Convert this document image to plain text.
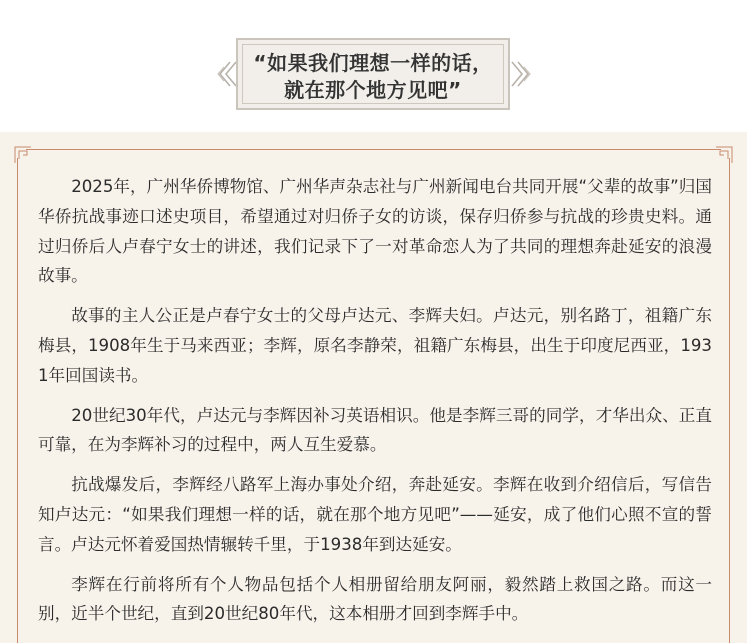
“如果我们理想一样的话，
就在那个地方见吧”

2025年，广州华侨博物馆、广州华声杂志社与广州新闻电台共同开展“父辈的故事”归国华侨抗战事迹口述史项目，希望通过对归侨子女的访谈，保存归侨参与抗战的珍贵史料。通过归侨后人卢春宁女士的讲述，我们记录下了一对革命恋人为了共同的理想奔赴延安的浪漫故事。

故事的主人公正是卢春宁女士的父母卢达元、李辉夫妇。卢达元，别名路丁，祖籍广东梅县，1908年生于马来西亚；李辉，原名李静荣，祖籍广东梅县，出生于印度尼西亚，1931年回国读书。

20世纪30年代，卢达元与李辉因补习英语相识。他是李辉三哥的同学，才华出众、正直可靠，在为李辉补习的过程中，两人互生爱慕。

抗战爆发后，李辉经八路军上海办事处介绍，奔赴延安。李辉在收到介绍信后，写信告知卢达元：“如果我们理想一样的话，就在那个地方见吧”——延安，成了他们心照不宣的誓言。卢达元怀着爱国热情辗转千里，于1938年到达延安。

李辉在行前将所有个人物品包括个人相册留给朋友阿丽，毅然踏上救国之路。而这一别，近半个世纪，直到20世纪80年代，这本相册才回到李辉手中。
